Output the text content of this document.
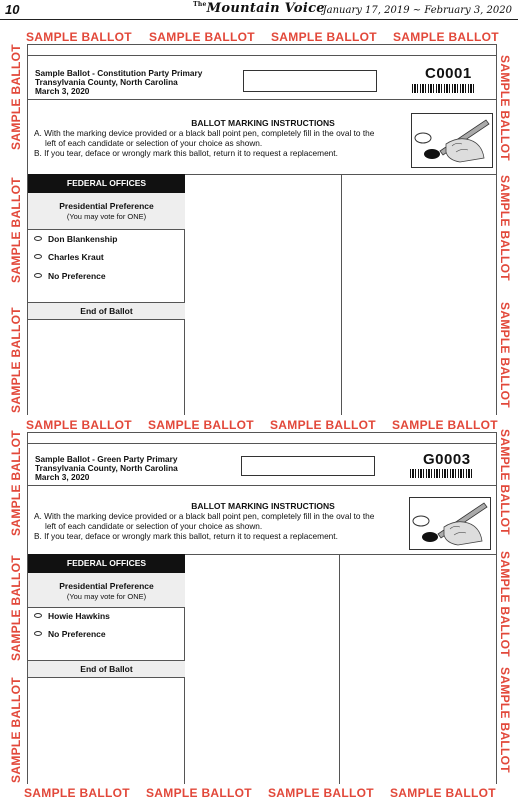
10	$^{The}$Mountain Voice
January 17, 2019 ~ February 3, 2020
SAMPLE BALLOT SAMPLE BALLOT SAMPLE BALLOT SAMPLE BALLOT
SAMPLE BALLOT SAMPLE BALLOT SAMPLE BALLOT SAMPLE BALLOT
SAMPLE BALLOT SAMPLE BALLOT SAMPLE BALLOT SAMPLE BALLOT
SAMPLE BALLOT
SAMPLE BALLOT
SAMPLE BALLOT
SAMPLE BALLOT
SAMPLE BALLOT
SAMPLE BALLOT
SAMPLE BALLOT
SAMPLE BALLOT
SAMPLE BALLOT
SAMPLE BALLOT
SAMPLE BALLOT
SAMPLE BALLOT
Sample Ballot - Constitution Party Primary
Transylvania County, North Carolina
March 3, 2020
C0001
BALLOT MARKING INSTRUCTIONS
A. With the marking device provided or a black ball point pen, completely fill in the oval to the
left of each candidate or selection of your choice as shown.
B. If you tear, deface or wrongly mark this ballot, return it to request a replacement.
FEDERAL OFFICES
Presidential Preference
(You may vote for ONE)
Don Blankenship
Charles Kraut
No Preference
End of Ballot
Sample Ballot - Green Party Primary
Transylvania County, North Carolina
March 3, 2020
G0003
BALLOT MARKING INSTRUCTIONS
A. With the marking device provided or a black ball point pen, completely fill in the oval to the
left of each candidate or selection of your choice as shown.
B. If you tear, deface or wrongly mark this ballot, return it to request a replacement.
FEDERAL OFFICES
Presidential Preference
(You may vote for ONE)
Howie Hawkins
No Preference
End of Ballot
